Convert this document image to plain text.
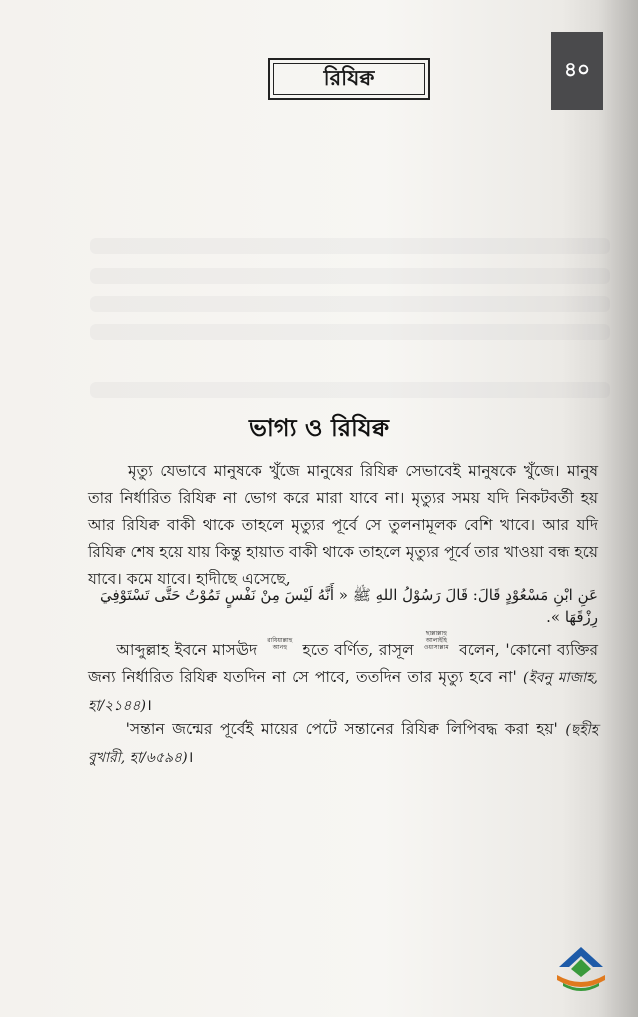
রিযিক্ব	৪০
ভাগ্য ও রিযিক্ব

মৃত্যু যেভাবে মানুষকে খুঁজে মানুষের রিযিক্ব সেভাবেই মানুষকে খুঁজে। মানুষ তার নির্ধারিত রিযিক্ব না ভোগ করে মারা যাবে না। মৃত্যুর সময় যদি নিকটবর্তী হয় আর রিযিক্ব বাকী থাকে তাহলে মৃত্যুর পূর্বে সে তুলনামূলক বেশি খাবে। আর যদি রিযিক্ব শেষ হয়ে যায় কিন্তু হায়াত বাকী থাকে তাহলে মৃত্যুর পূর্বে তার খাওয়া বন্ধ হয়ে যাবে। কমে যাবে। হাদীছে এসেছে,

عَنِ ابْنِ مَسْعُوْدٍ قَالَ: قَالَ رَسُوْلُ اللهِ ﷺ « أَنَّهُ لَيْسَ مِنْ نَفْسٍ تَمُوْتُ حَتَّى تَسْتَوْفِيَ رِزْقَهَا ».

আব্দুল্লাহ ইবনে মাসঊদ রাযিয়াল্লাহু আনহু হতে বর্ণিত, রাসূল ছাল্লাল্লাহু আলাইহি ওয়াসাল্লাম বলেন, 'কোনো ব্যক্তির জন্য নির্ধারিত রিযিক্ব যতদিন না সে পাবে, ততদিন তার মৃত্যু হবে না' (ইবনু মাজাহ, হা/২১৪৪)।

'সন্তান জন্মের পূর্বেই মায়ের পেটে সন্তানের রিযিক্ব লিপিবদ্ধ করা হয়' (ছহীহ বুখারী, হা/৬৫৯৪)।
